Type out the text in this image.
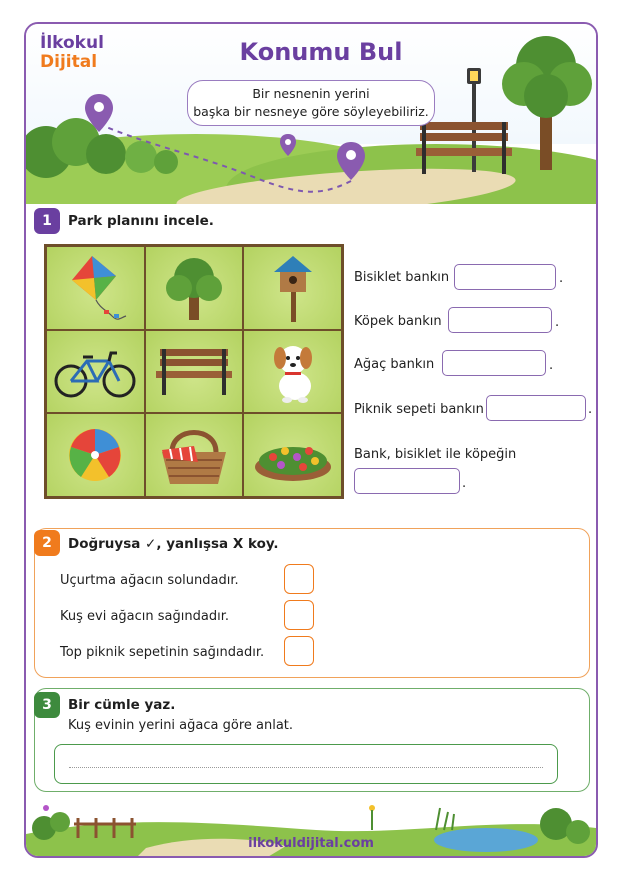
İlkokul
Dijital	Konumu Bul
Bir nesnenin yerini
başka bir nesneye göre söyleyebiliriz.
1	Park planını incele.
Bisiklet bankın	.
Köpek bankın	.
Ağaç bankın	.
Piknik sepeti bankın	.
Bank, bisiklet ile köpeğin
.
2	Doğruysa ✓, yanlışsa X koy.
Uçurtma ağacın solundadır.
Kuş evi ağacın sağındadır.
Top piknik sepetinin sağındadır.
3	Bir cümle yaz.
Kuş evinin yerini ağaca göre anlat.
ilkokuldijital.com
